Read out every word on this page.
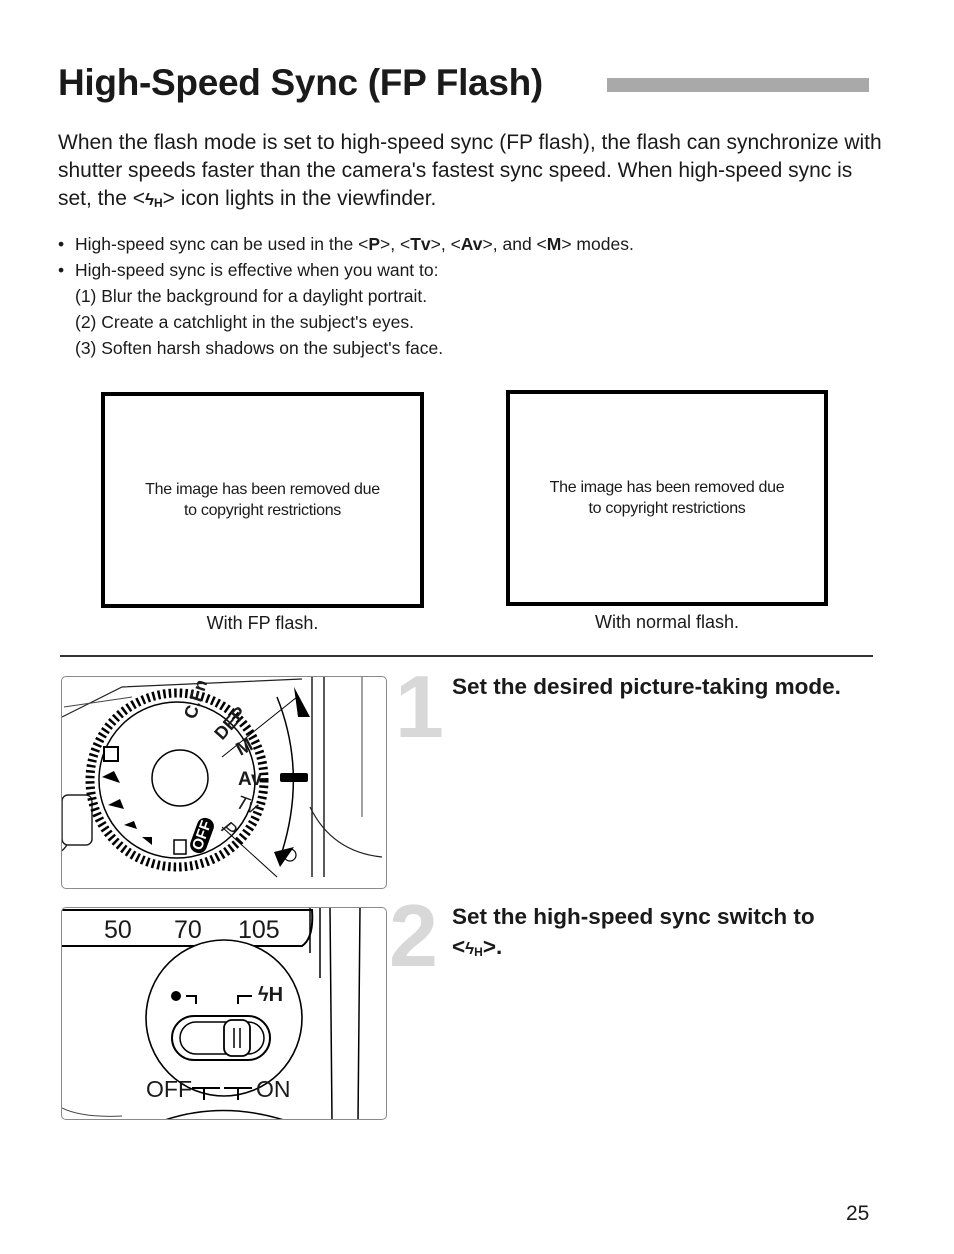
High-Speed Sync (FP Flash)
When the flash mode is set to high-speed sync (FP flash), the flash can synchronize with shutter speeds faster than the camera's fastest sync speed. When high-speed sync is set, the $<ϟ_H>$ icon lights in the viewfinder.
• High-speed sync can be used in the <P>, <Tv>, <Av>, and <M> modes.
• High-speed sync is effective when you want to:
(1) Blur the background for a daylight portrait.
(2) Create a catchlight in the subject's eyes.
(3) Soften harsh shadows on the subject's face.
The image has been removed due
to copyright restrictions
With FP flash.
The image has been removed due
to copyright restrictions
With normal flash.
C.Fn
DEP
M
Av
Tv
P
OFF
1 Set the desired picture-taking mode.
50 70 105
ϟH
OFF	ON
2 Set the high-speed sync switch to
$<ϟ_H>$.
25
